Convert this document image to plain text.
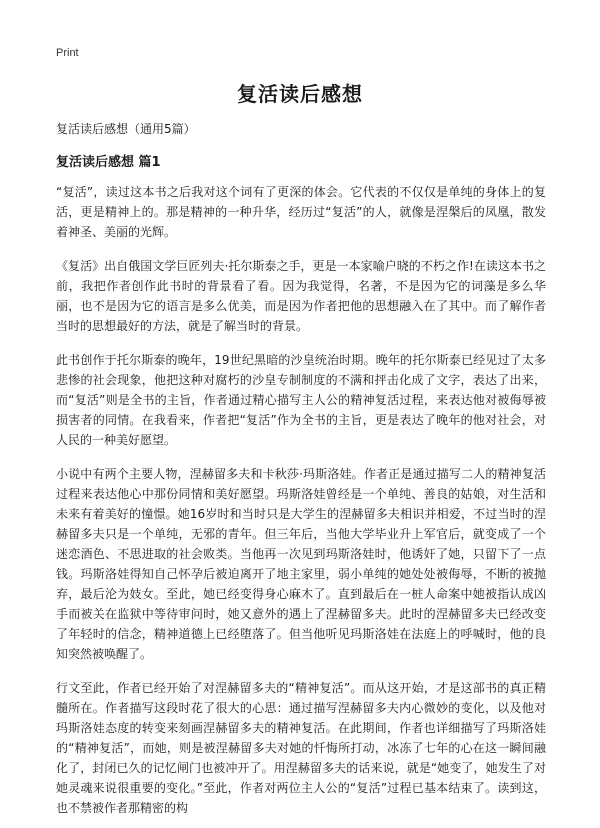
Print
复活读后感想

复活读后感想（通用5篇）

复活读后感想 篇1

“复活”，读过这本书之后我对这个词有了更深的体会。它代表的不仅仅是单纯的身体上的复活，更是精神上的。那是精神的一种升华，经历过“复活”的人，就像是涅槃后的凤凰，散发着神圣、美丽的光辉。

《复活》出自俄国文学巨匠列夫·托尔斯泰之手，更是一本家喻户晓的不朽之作!在读这本书之前，我把作者创作此书时的背景看了看。因为我觉得，名著，不是因为它的词藻是多么华丽，也不是因为它的语言是多么优美，而是因为作者把他的思想融入在了其中。而了解作者当时的思想最好的方法，就是了解当时的背景。

此书创作于托尔斯泰的晚年，19世纪黑暗的沙皇统治时期。晚年的托尔斯泰已经见过了太多悲惨的社会现象，他把这种对腐朽的沙皇专制制度的不满和抨击化成了文字，表达了出来，而“复活”则是全书的主旨，作者通过精心描写主人公的精神复活过程，来表达他对被侮辱被损害者的同情。在我看来，作者把“复活”作为全书的主旨，更是表达了晚年的他对社会，对人民的一种美好愿望。

小说中有两个主要人物，涅赫留多夫和卡秋莎·玛斯洛娃。作者正是通过描写二人的精神复活过程来表达他心中那份同情和美好愿望。玛斯洛娃曾经是一个单纯、善良的姑娘，对生活和未来有着美好的憧憬。她16岁时和当时只是大学生的涅赫留多夫相识并相爱，不过当时的涅赫留多夫只是一个单纯，无邪的青年。但三年后，当他大学毕业升上军官后，就变成了一个迷恋酒色、不思进取的社会败类。当他再一次见到玛斯洛娃时，他诱奸了她，只留下了一点钱。玛斯洛娃得知自己怀孕后被迫离开了地主家里，弱小单纯的她处处被侮辱，不断的被抛弃，最后沦为妓女。至此，她已经变得身心麻木了。直到最后在一桩人命案中她被指认成凶手而被关在监狱中等待审问时，她又意外的遇上了涅赫留多夫。此时的涅赫留多夫已经改变了年轻时的信念，精神道德上已经堕落了。但当他听见玛斯洛娃在法庭上的呼喊时，他的良知突然被唤醒了。

行文至此，作者已经开始了对涅赫留多夫的“精神复活”。而从这开始，才是这部书的真正精髓所在。作者描写这段时花了很大的心思：通过描写涅赫留多夫内心微妙的变化，以及他对玛斯洛娃态度的转变来刻画涅赫留多夫的精神复活。在此期间，作者也详细描写了玛斯洛娃的“精神复活”，而她，则是被涅赫留多夫对她的忏悔所打动，冰冻了七年的心在这一瞬间融化了，封闭已久的记忆闸门也被冲开了。用涅赫留多夫的话来说，就是“她变了，她发生了对她灵魂来说很重要的变化。”至此，作者对两位主人公的“复活”过程已基本结束了。读到这，也不禁被作者那精密的构
